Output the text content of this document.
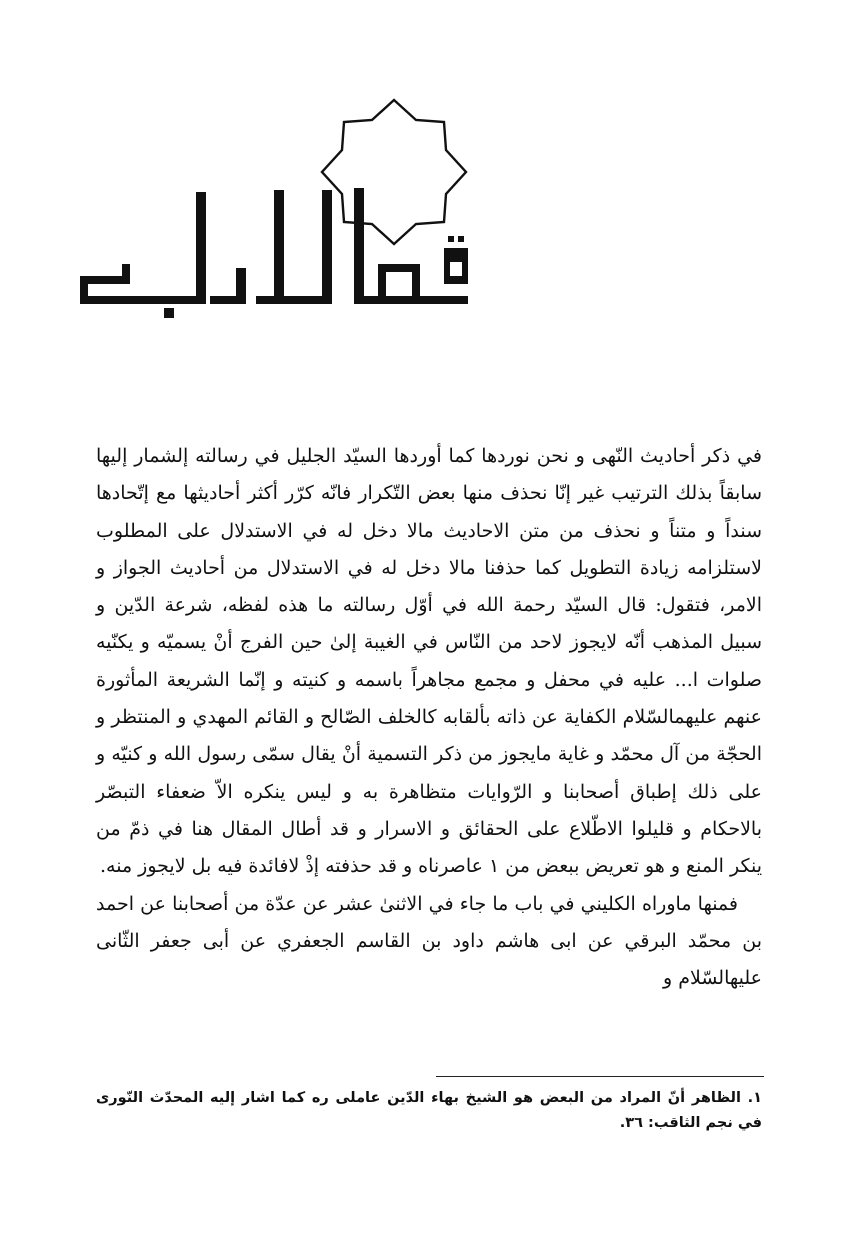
في ذكر أحاديث النّهى و نحن نوردها كما أوردها السيّد الجليل في رسالته إلشمار إليها سابقاً بذلك الترتيب غير إنّا نحذف منها بعض التّكرار فانّه كرّر أكثر أحاديثها مع إتّحادها سنداً و متناً و نحذف من متن الاحاديث مالا دخل له في الاستدلال على المطلوب لاستلزامه زيادة التطويل كما حذفنا مالا دخل له في الاستدلال من أحاديث الجواز و الامر، فتقول: قال السيّد رحمة الله في أوّل رسالته ما هذه لفظه، شرعة الدّين و سبيل المذهب أنّه لايجوز لاحد من النّاس في الغيبة إلىٰ حين الفرج أنْ يسميّه و يكنّيه صلوات ا... عليه في محفل و مجمع مجاهراً باسمه و كنيته و إنّما الشريعة المأثورة عنهم عليهمالسّلام الكفاية عن ذاته بألقابه كالخلف الصّالح و القائم المهدي و المنتظر و الحجّة من آل محمّد و غاية مايجوز من ذكر التسمية أنْ يقال سمّى رسول الله و كنيّه و على ذلك إطباق أصحابنا و الرّوايات متظاهرة به و ليس ينكره الاّ ضعفاء التبصّر بالاحكام و قليلوا الاطّلاع على الحقائق و الاسرار و قد أطال المقال هنا في ذمّ من ينكر المنع و هو تعريض ببعض من ١ عاصرناه و قد حذفته إذْ لافائدة فيه بل لايجوز منه.

فمنها ماوراه الكليني في باب ما جاء في الاثنىٰ عشر عن عدّة من أصحابنا عن احمد بن محمّد البرقي عن ابى هاشم داود بن القاسم الجعفري عن أبى جعفر الثّانى عليهالسّلام و

١. الظاهر أنّ المراد من البعض هو الشيخ بهاء الدّين عاملى ره كما اشار إليه المحدّث النّورى في نجم الثاقب: ٣٦.
